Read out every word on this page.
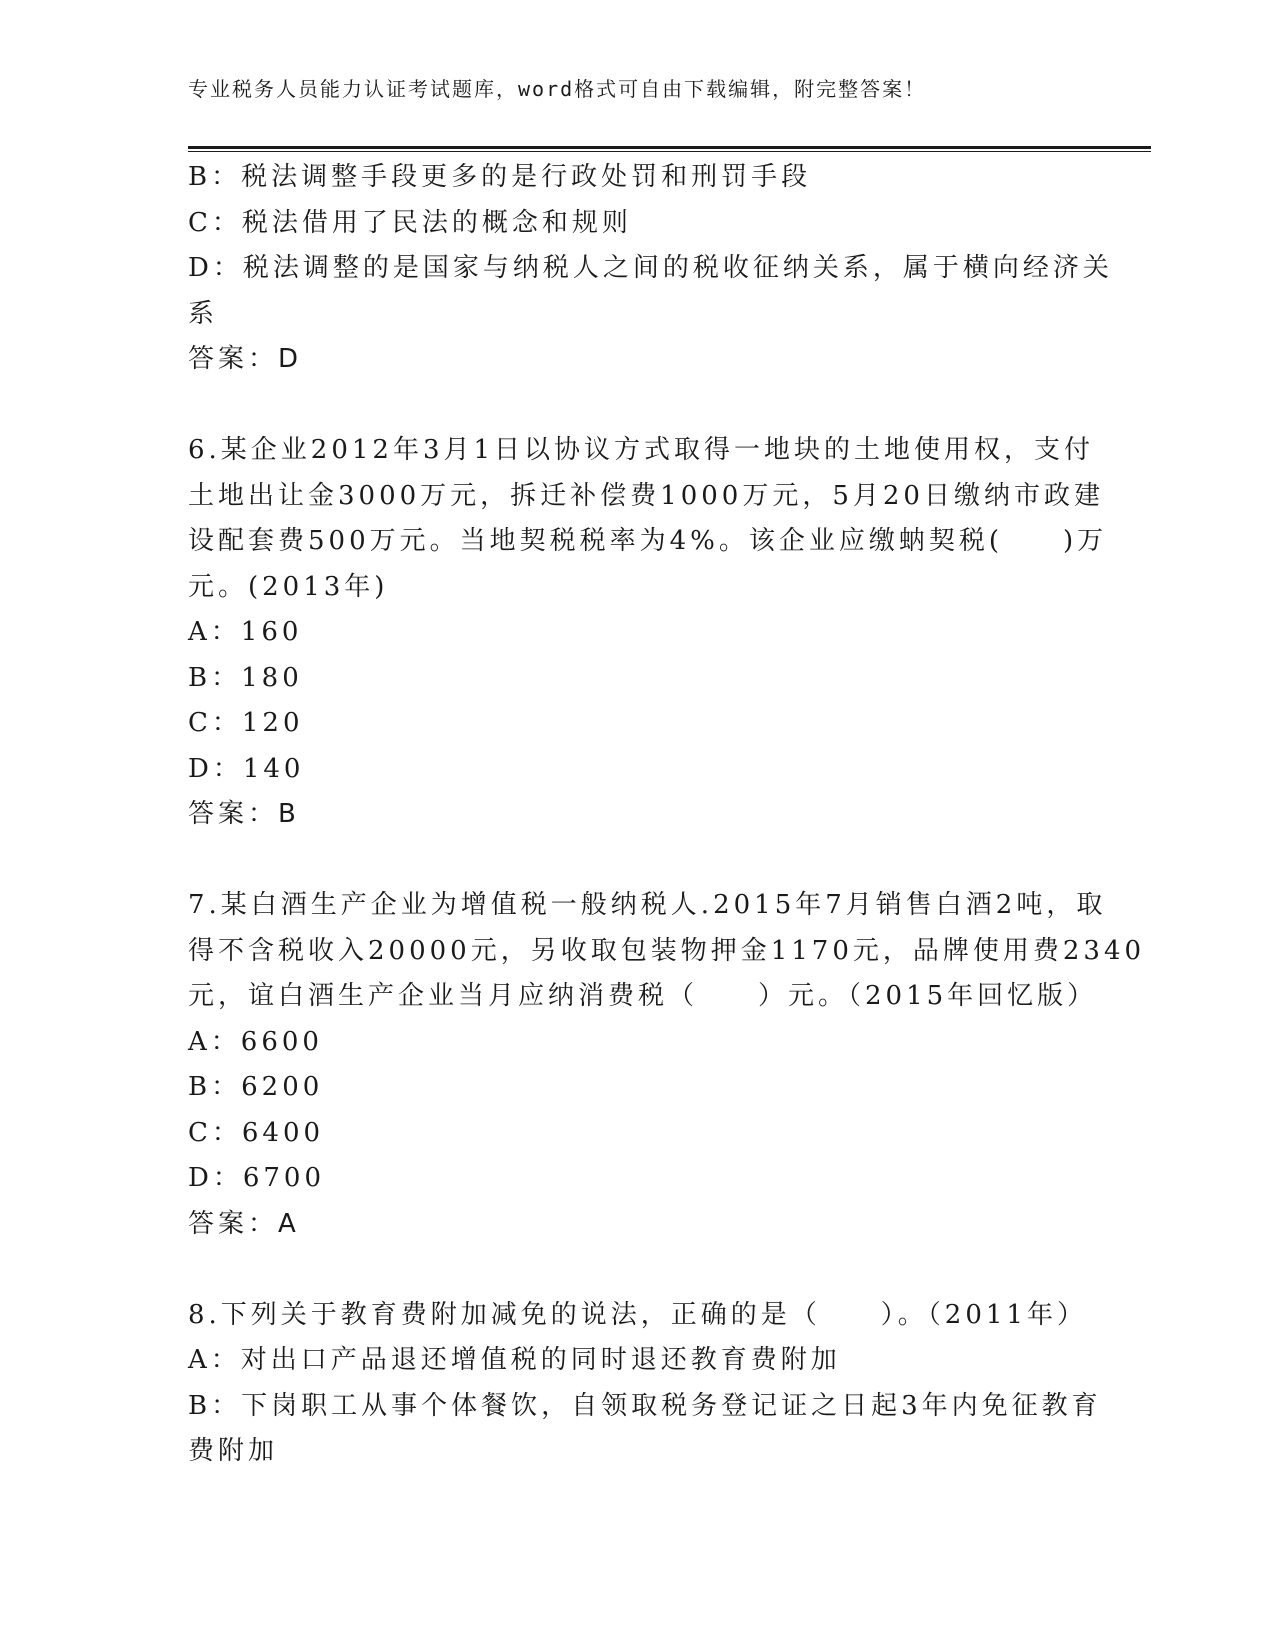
专业税务人员能力认证考试题库，word格式可自由下载编辑，附完整答案！
B：税法调整手段更多的是行政处罚和刑罚手段
C：税法借用了民法的概念和规则
D：税法调整的是国家与纳税人之间的税收征纳关系，属于横向经济关
系
答案：D
6.某企业2012年3月1日以协议方式取得一地块的土地使用权，支付
土地出让金3000万元，拆迁补偿费1000万元，5月20日缴纳市政建
设配套费500万元。当地契税税率为4%。该企业应缴蚋契税(　　)万
元。(2013年)
A：160
B：180
C：120
D：140
答案：B
7.某白酒生产企业为增值税一般纳税人.2015年7月销售白酒2吨，取
得不含税收入20000元，另收取包装物押金1170元，品牌使用费2340
元，谊白酒生产企业当月应纳消费税（　　）元。（2015年回忆版）
A：6600
B：6200
C：6400
D：6700
答案：A
8.下列关于教育费附加减免的说法，正确的是（　　）。（2011年）
A：对出口产品退还增值税的同时退还教育费附加
B：下岗职工从事个体餐饮，自领取税务登记证之日起3年内免征教育
费附加
